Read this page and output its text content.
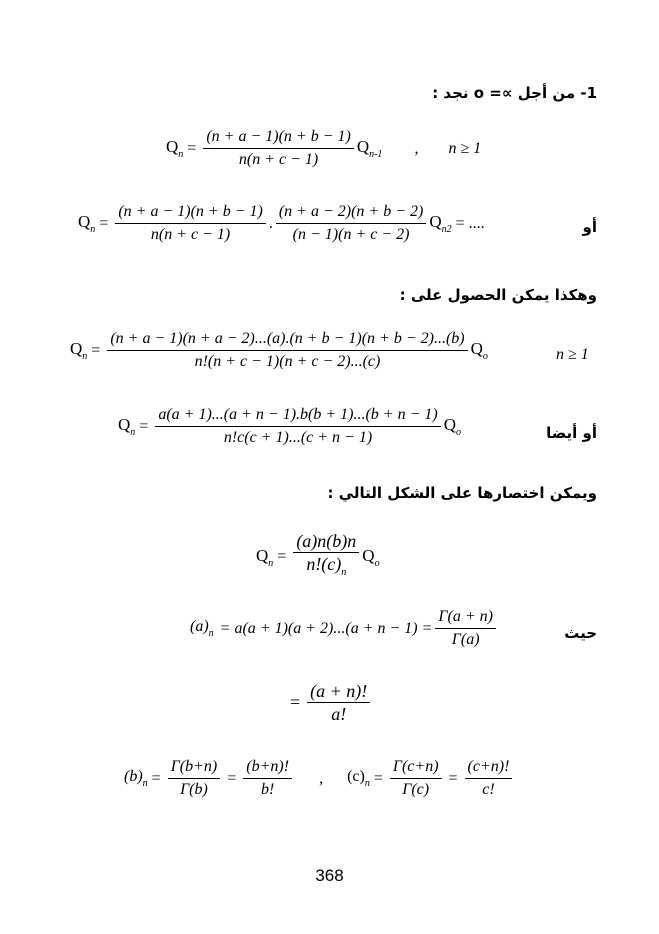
1- من أجل ∝= o نجد :
$Q_n = \frac{(n + a - 1)(n + b - 1)}{n(n + c - 1)} Q_{n-1}$ , n ≥ 1
$Q_n = \frac{(n + a - 1)(n + b - 1)}{n(n + c - 1)}$ . $\frac{(n + a - 2)(n + b - 2)}{(n - 1)(n + c - 2)} Q_{n2}$ = ....	أو
وهكذا يمكن الحصول على :
$Q_n = \frac{(n + a - 1)(n + a - 2)...(a).(n + b - 1)(n + b - 2)...(b)}{n!(n + c - 1)(n + c - 2)...(c)} Q_o$	n ≥ 1
$Q_n = \frac{a(a + 1)...(a + n - 1).b(b + 1)...(b + n - 1)}{n!c(c + 1)...(c + n - 1)} Q_o$	أو أيضا
ويمكن اختصارها على الشكل التالي :
$Q_n = \frac{(a)n(b)n}{n!(c)_n} Q_o$
$(a)_n = a(a + 1)(a + 2)...(a + n - 1) = \frac{\Gamma(a + n)}{\Gamma(a)}$	حيث
= $\frac{(a + n)!}{a!}$
$(b)_n = \frac{\Gamma(b+n)}{\Gamma(b)} = \frac{(b+n)!}{b!}$ , $(c)_n = \frac{\Gamma(c+n)}{\Gamma(c)} = \frac{(c+n)!}{c!}$
368
